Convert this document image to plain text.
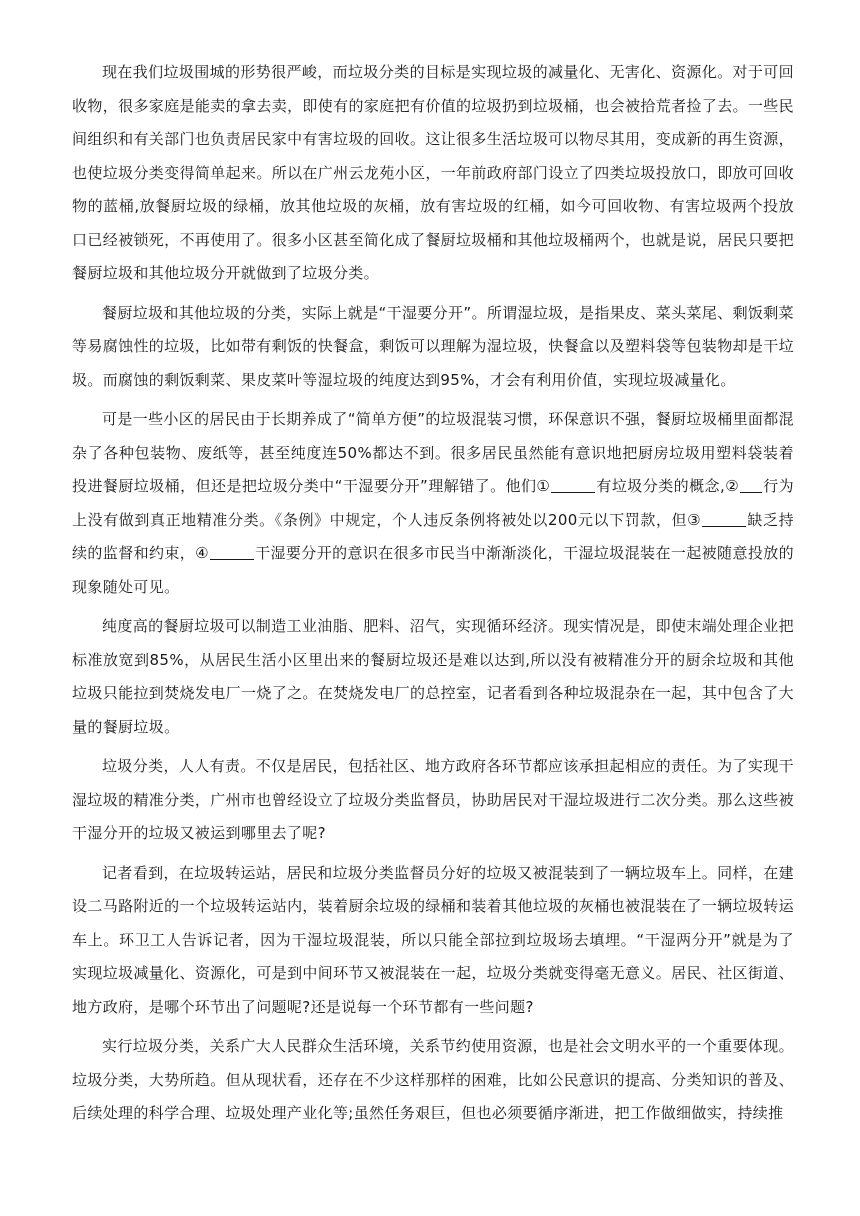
现在我们垃圾围城的形势很严峻，而垃圾分类的目标是实现垃圾的减量化、无害化、资源化。对于可回收物，很多家庭是能卖的拿去卖，即使有的家庭把有价值的垃圾扔到垃圾桶，也会被拾荒者捡了去。一些民间组织和有关部门也负责居民家中有害垃圾的回收。这让很多生活垃圾可以物尽其用，变成新的再生资源，也使垃圾分类变得简单起来。所以在广州云龙苑小区，一年前政府部门设立了四类垃圾投放口，即放可回收物的蓝桶,放餐厨垃圾的绿桶，放其他垃圾的灰桶，放有害垃圾的红桶，如今可回收物、有害垃圾两个投放口已经被锁死，不再使用了。很多小区甚至简化成了餐厨垃圾桶和其他垃圾桶两个，也就是说，居民只要把餐厨垃圾和其他垃圾分开就做到了垃圾分类。

餐厨垃圾和其他垃圾的分类，实际上就是“干湿要分开”。所谓湿垃圾，是指果皮、菜头菜尾、剩饭剩菜等易腐蚀性的垃圾，比如带有剩饭的快餐盒，剩饭可以理解为湿垃圾，快餐盒以及塑料袋等包装物却是干垃圾。而腐蚀的剩饭剩菜、果皮菜叶等湿垃圾的纯度达到95%，才会有利用价值，实现垃圾减量化。

可是一些小区的居民由于长期养成了“简单方便”的垃圾混装习惯，环保意识不强，餐厨垃圾桶里面都混杂了各种包装物、废纸等，甚至纯度连50%都达不到。很多居民虽然能有意识地把厨房垃圾用塑料袋装着投进餐厨垃圾桶，但还是把垃圾分类中“干湿要分开”理解错了。他们①	有垃圾分类的概念,② 行为上没有做到真正地精准分类。《条例》中规定，个人违反条例将被处以200元以下罚款，但③	缺乏持续的监督和约束，④	干湿要分开的意识在很多市民当中渐渐淡化，干湿垃圾混装在一起被随意投放的现象随处可见。

纯度高的餐厨垃圾可以制造工业油脂、肥料、沼气，实现循环经济。现实情况是，即使末端处理企业把标准放宽到85%，从居民生活小区里出来的餐厨垃圾还是难以达到,所以没有被精准分开的厨余垃圾和其他垃圾只能拉到焚烧发电厂一烧了之。在焚烧发电厂的总控室，记者看到各种垃圾混杂在一起，其中包含了大量的餐厨垃圾。

垃圾分类，人人有责。不仅是居民，包括社区、地方政府各环节都应该承担起相应的责任。为了实现干湿垃圾的精准分类，广州市也曾经设立了垃圾分类监督员，协助居民对干湿垃圾进行二次分类。那么这些被干湿分开的垃圾又被运到哪里去了呢?

记者看到，在垃圾转运站，居民和垃圾分类监督员分好的垃圾又被混装到了一辆垃圾车上。同样，在建设二马路附近的一个垃圾转运站内，装着厨余垃圾的绿桶和装着其他垃圾的灰桶也被混装在了一辆垃圾转运车上。环卫工人告诉记者，因为干湿垃圾混装，所以只能全部拉到垃圾场去填埋。“干湿两分开”就是为了实现垃圾减量化、资源化，可是到中间环节又被混装在一起，垃圾分类就变得毫无意义。居民、社区街道、地方政府，是哪个环节出了问题呢?还是说每一个环节都有一些问题?

实行垃圾分类，关系广大人民群众生活环境，关系节约使用资源，也是社会文明水平的一个重要体现。垃圾分类，大势所趋。但从现状看，还存在不少这样那样的困难，比如公民意识的提高、分类知识的普及、后续处理的科学合理、垃圾处理产业化等;虽然任务艰巨，但也必须要循序渐进，把工作做细做实，持续推
